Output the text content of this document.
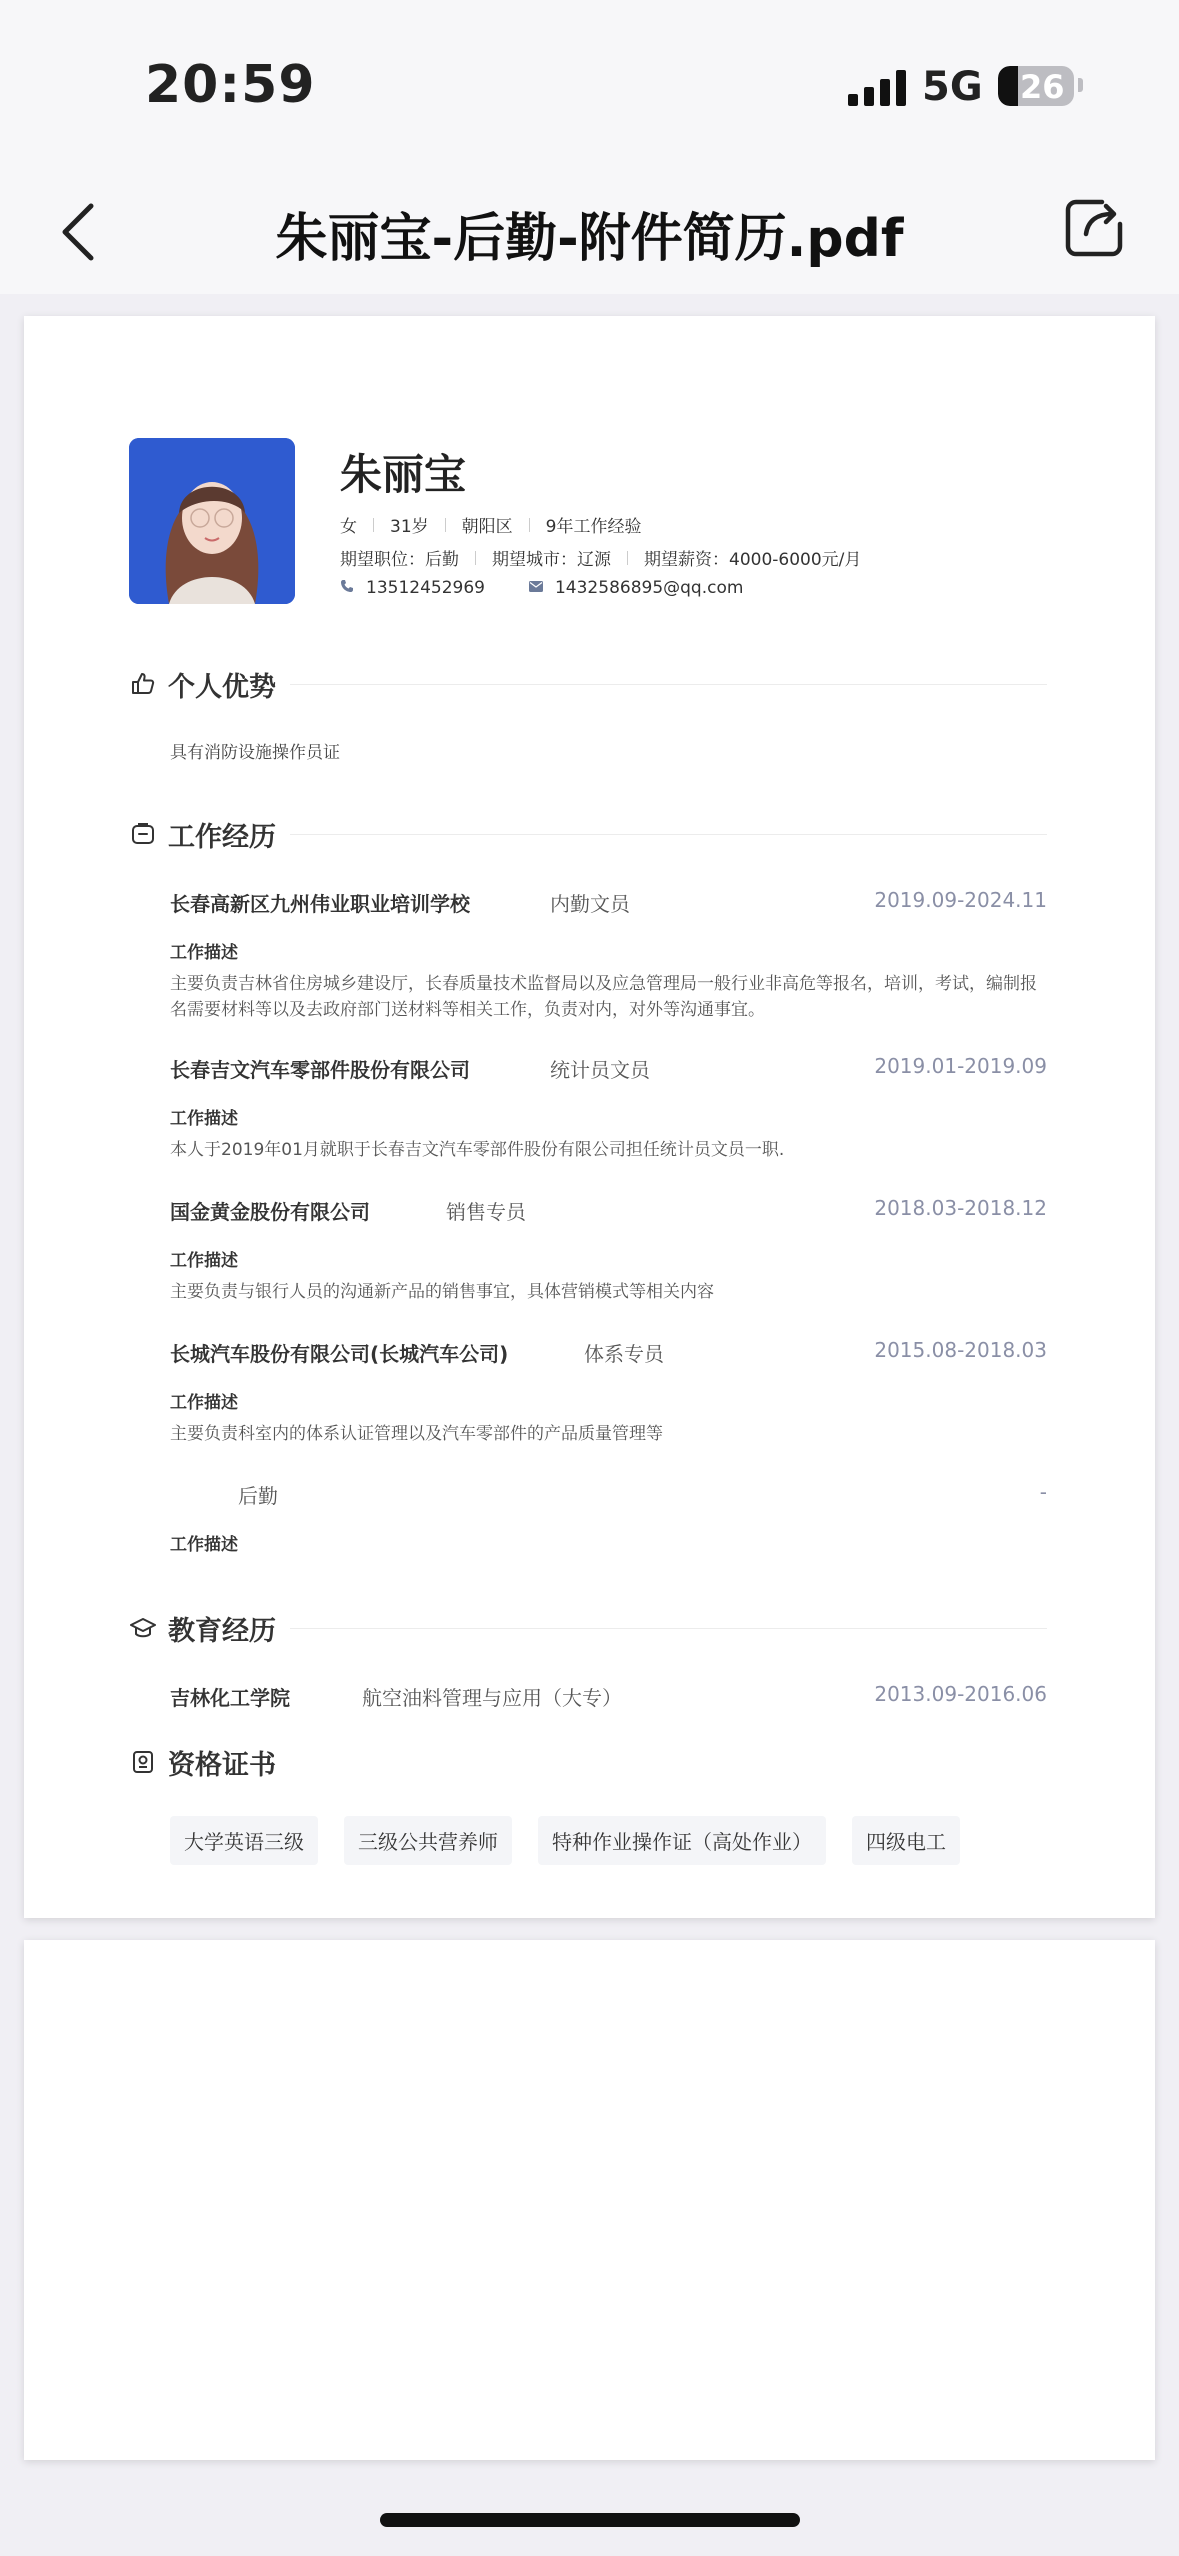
20:59	5G 26
朱丽宝-后勤-附件简历.pdf
朱丽宝
女 31岁 朝阳区 9年工作经验
期望职位：后勤 期望城市：辽源 期望薪资：4000-6000元/月
13512452969	1432586895@qq.com
个人优势
具有消防设施操作员证
工作经历
长春高新区九州伟业职业培训学校	内勤文员	2019.09-2024.11
工作描述
主要负责吉林省住房城乡建设厅，长春质量技术监督局以及应急管理局一般行业非高危等报名，培训，考试，编制报名需要材料等以及去政府部门送材料等相关工作，负责对内，对外等沟通事宜。
长春吉文汽车零部件股份有限公司	统计员文员	2019.01-2019.09
工作描述
本人于2019年01月就职于长春吉文汽车零部件股份有限公司担任统计员文员一职.
国金黄金股份有限公司	销售专员	2018.03-2018.12
工作描述
主要负责与银行人员的沟通新产品的销售事宜，具体营销模式等相关内容
长城汽车股份有限公司(长城汽车公司)	体系专员	2015.08-2018.03
工作描述
主要负责科室内的体系认证管理以及汽车零部件的产品质量管理等
后勤	-
工作描述
教育经历
吉林化工学院	航空油料管理与应用（大专）	2013.09-2016.06
资格证书
大学英语三级	三级公共营养师	特种作业操作证（高处作业）	四级电工
